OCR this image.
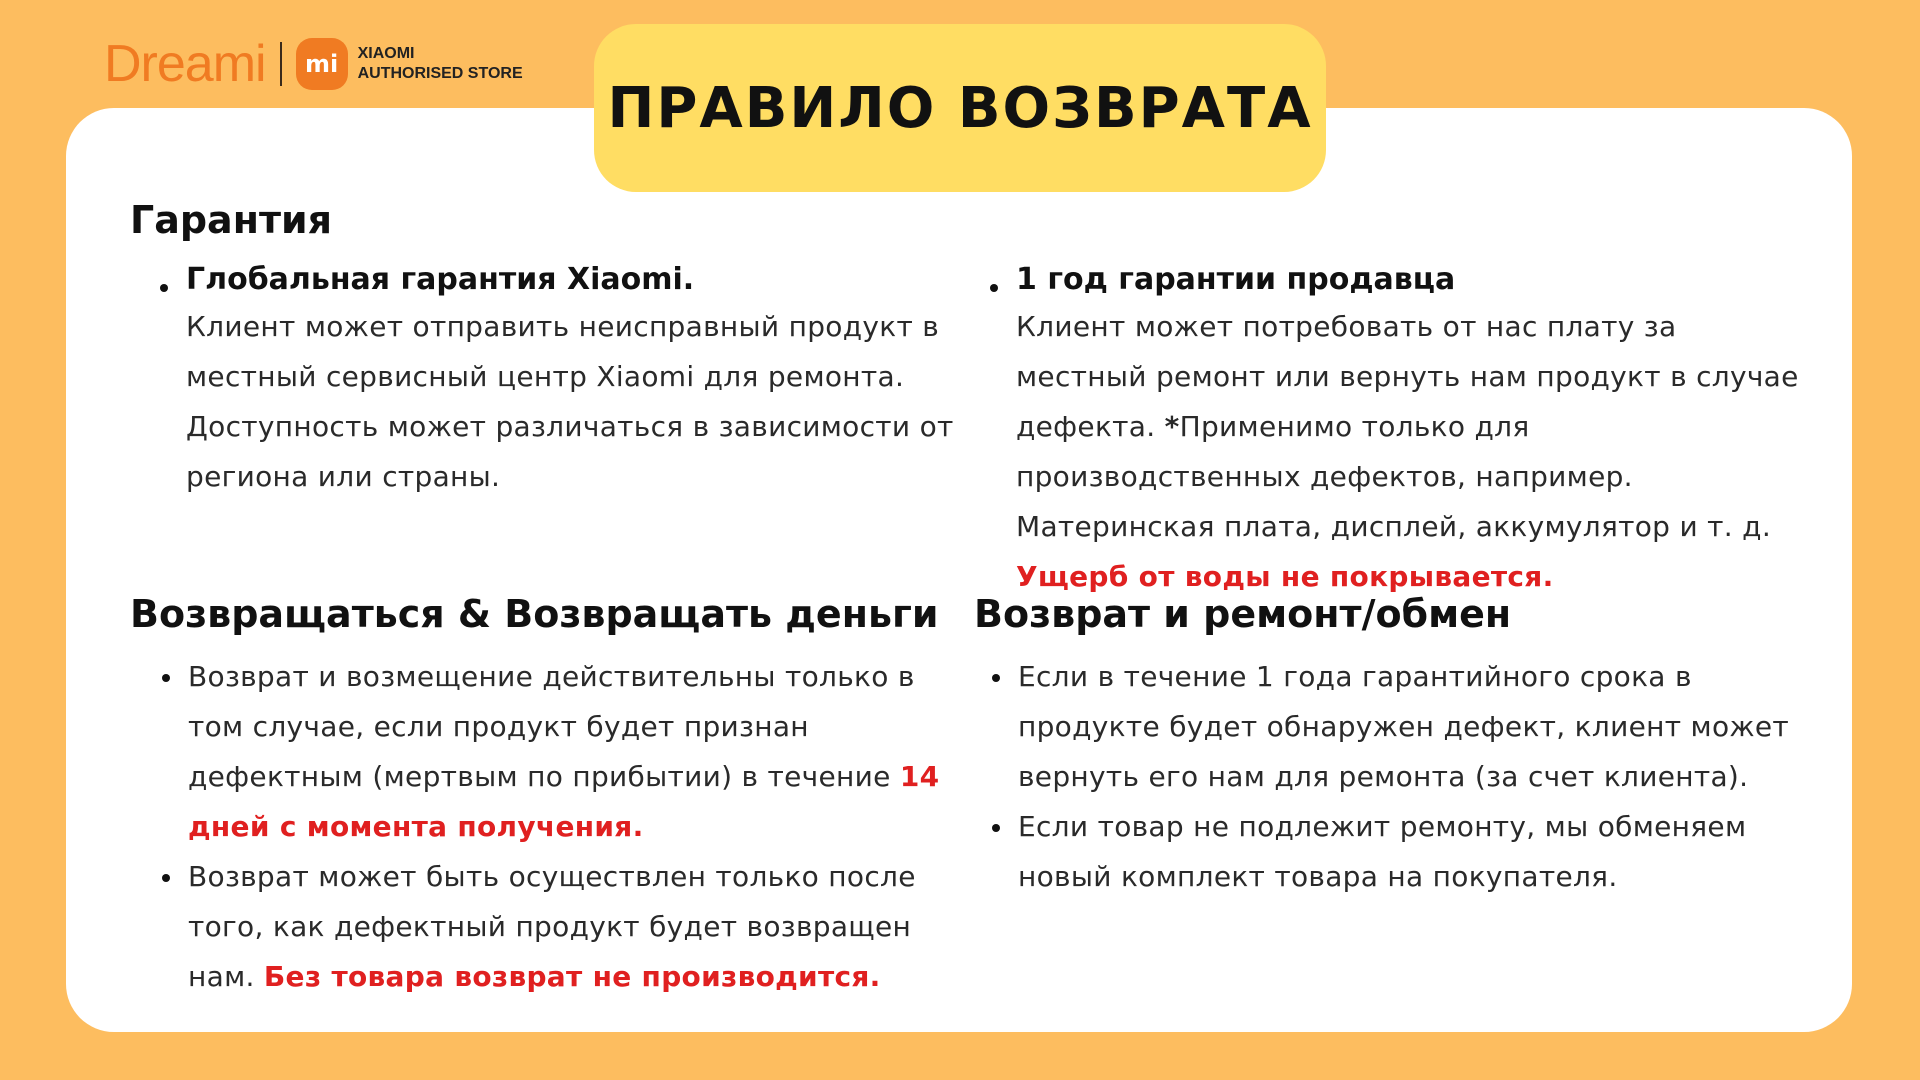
Dreami	mi	XIAOMI
AUTHORISED STORE
Гарантия
Глобальная гарантия Xiaomi.
Клиент может отправить неисправный продукт в местный сервисный центр Xiaomi для ремонта. Доступность может различаться в зависимости от региона или страны.
1 год гарантии продавца
Клиент может потребовать от нас плату за местный ремонт или вернуть нам продукт в случае дефекта. *Применимо только для производственных дефектов, например. Материнская плата, дисплей, аккумулятор и т. д. Ущерб от воды не покрывается.
Возвращаться & Возвращать деньги
Возврат и возмещение действительны только в том случае, если продукт будет признан дефектным (мертвым по прибытии) в течение 14 дней с момента получения.
Возврат может быть осуществлен только после того, как дефектный продукт будет возвращен нам. Без товара возврат не производится.
Возврат и ремонт/обмен
Если в течение 1 года гарантийного срока в продукте будет обнаружен дефект, клиент может вернуть его нам для ремонта (за счет клиента).
Если товар не подлежит ремонту, мы обменяем новый комплект товара на покупателя.
ПРАВИЛО ВОЗВРАТА
